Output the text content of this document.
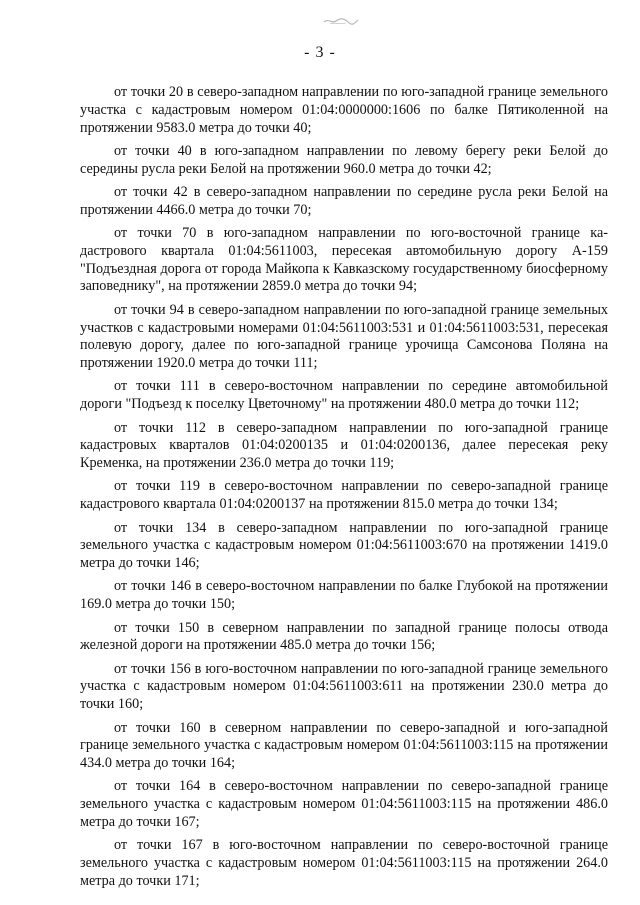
- 3 -

от точки 20 в северо-западном направлении по юго-западной границе земельного участка с кадастровым номером 01:04:0000000:1606 по балке Пятиколенной на протяжении 9583.0 метра до точки 40;

от точки 40 в юго-западном направлении по левому берегу реки Белой до середины русла реки Белой на протяжении 960.0 метра до точки 42;

от точки 42 в северо-западном направлении по середине русла реки Белой на протяжении 4466.0 метра до точки 70;

от точки 70 в юго-западном направлении по юго-восточной границе кадастрового квартала 01:04:5611003, пересекая автомобильную дорогу А-159 "Подъездная дорога от города Майкопа к Кавказскому государственному биосферному заповеднику", на протяжении 2859.0 метра до точки 94;

от точки 94 в северо-западном направлении по юго-западной границе земельных участков с кадастровыми номерами 01:04:5611003:531 и 01:04:5611003:531, пересекая полевую дорогу, далее по юго-западной границе урочища Самсонова Поляна на протяжении 1920.0 метра до точки 111;

от точки 111 в северо-восточном направлении по середине автомобильной дороги "Подъезд к поселку Цветочному" на протяжении 480.0 метра до точки 112;

от точки 112 в северо-западном направлении по юго-западной границе кадастровых кварталов 01:04:0200135 и 01:04:0200136, далее пересекая реку Кременка, на протяжении 236.0 метра до точки 119;

от точки 119 в северо-восточном направлении по северо-западной границе кадастрового квартала 01:04:0200137 на протяжении 815.0 метра до точки 134;

от точки 134 в северо-западном направлении по юго-западной границе земельного участка с кадастровым номером 01:04:5611003:670 на протяжении 1419.0 метра до точки 146;

от точки 146 в северо-восточном направлении по балке Глубокой на протяжении 169.0 метра до точки 150;

от точки 150 в северном направлении по западной границе полосы отвода железной дороги на протяжении 485.0 метра до точки 156;

от точки 156 в юго-восточном направлении по юго-западной границе земельного участка с кадастровым номером 01:04:5611003:611 на протяжении 230.0 метра до точки 160;

от точки 160 в северном направлении по северо-западной и юго-западной границе земельного участка с кадастровым номером 01:04:5611003:115 на протяжении 434.0 метра до точки 164;

от точки 164 в северо-восточном направлении по северо-западной границе земельного участка с кадастровым номером 01:04:5611003:115 на протяжении 486.0 метра до точки 167;

от точки 167 в юго-восточном направлении по северо-восточной границе земельного участка с кадастровым номером 01:04:5611003:115 на протяжении 264.0 метра до точки 171;
